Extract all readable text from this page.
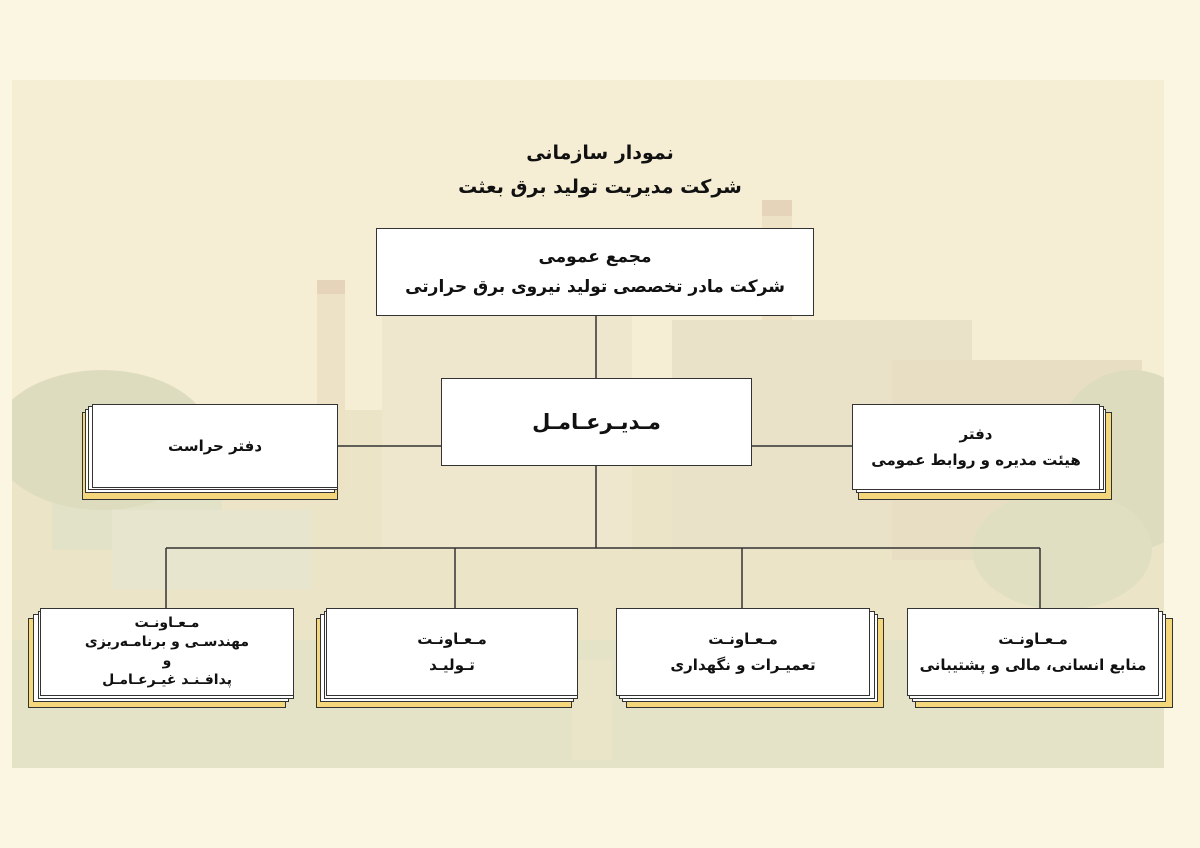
نمودار سازمانی
شرکت مدیریت تولید برق بعثت
مجمع عمومی
شرکت مادر تخصصی تولید نیروی برق حرارتی
مـدیـرعـامـل
دفتر حراست
دفتر
هیئت مدیره و روابط عمومی
مـعـاونـت
منابع انسانی، مالی و پشتیبانی
مـعـاونـت
تعمیـرات و نگهداری
مـعـاونـت
تـولیـد
مـعـاونـت
مهندسـی و برنامـه‌ریزی
و
پدافـنـد غیـرعـامـل
